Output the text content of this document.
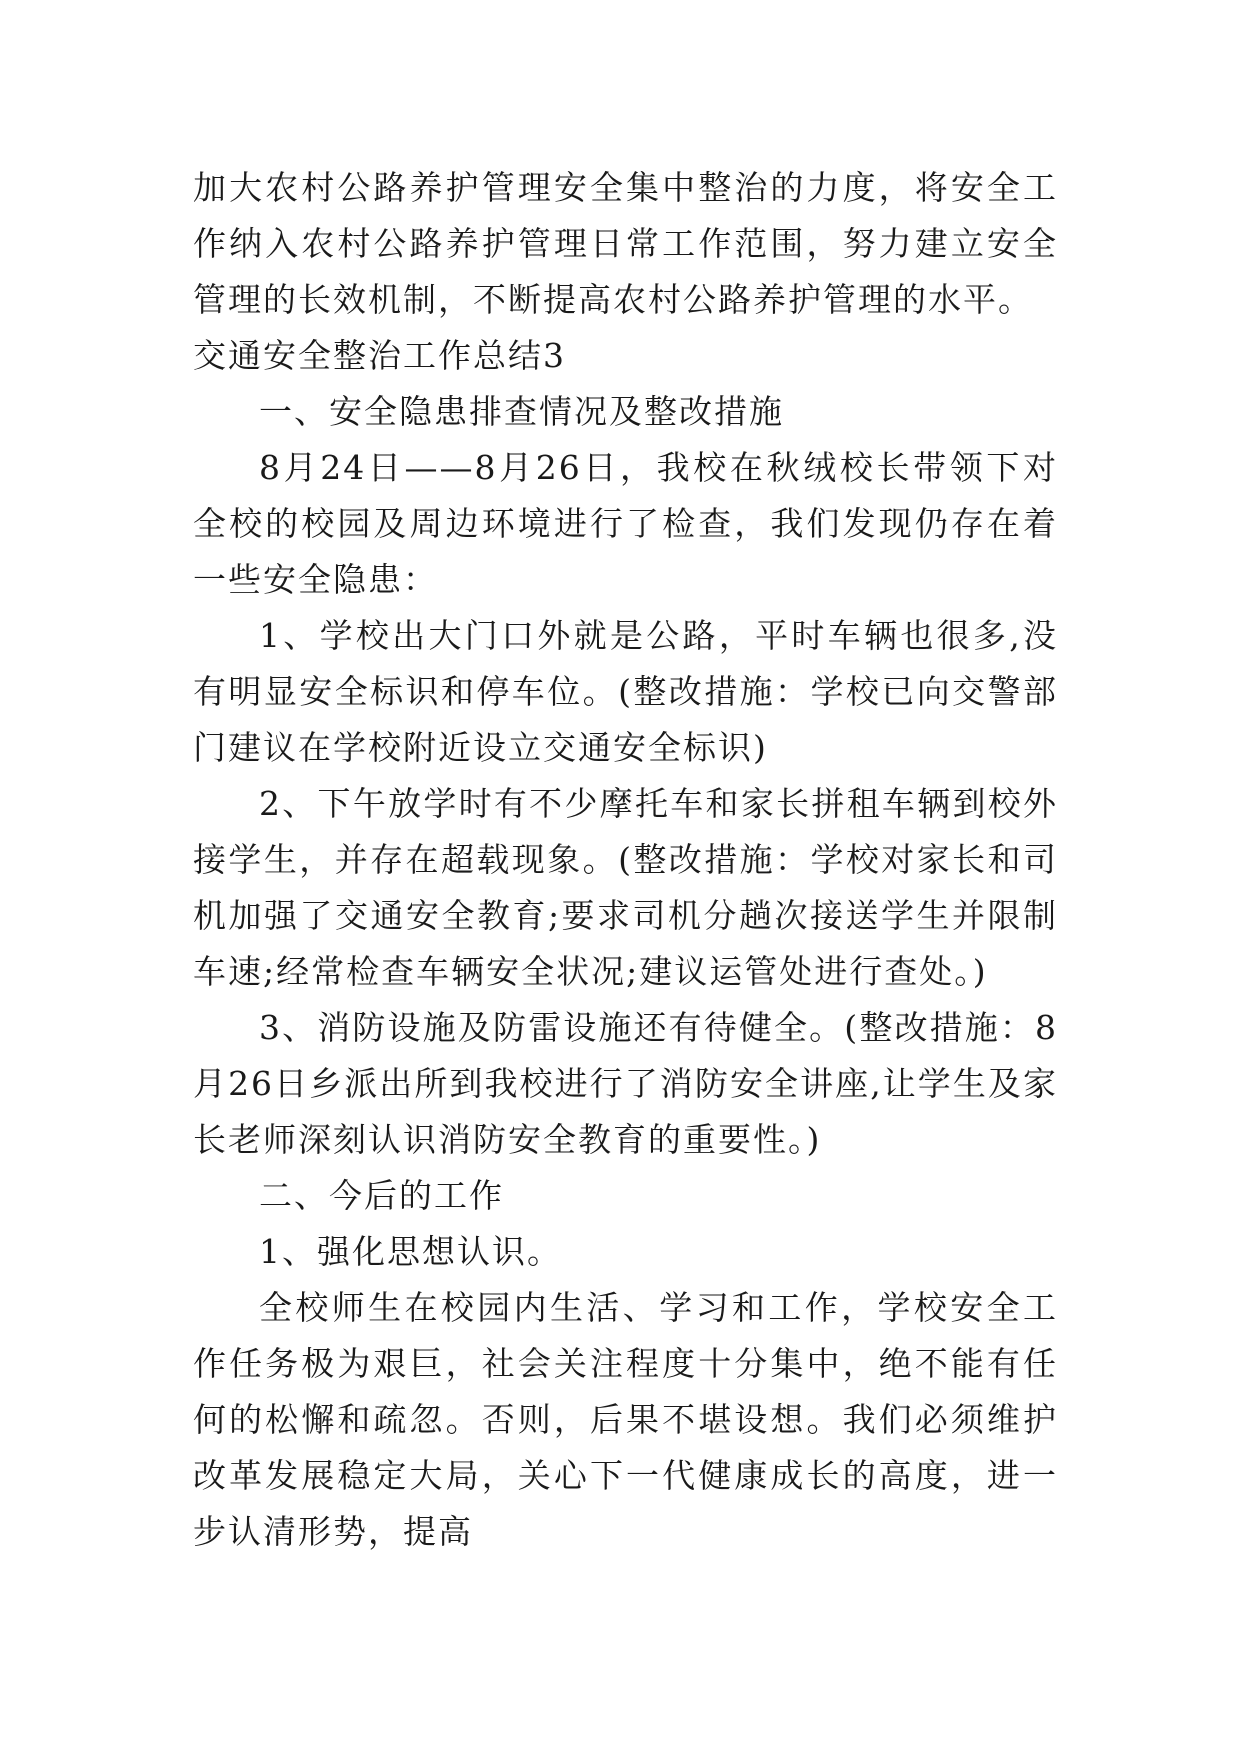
加大农村公路养护管理安全集中整治的力度，将安全工作纳入农村公路养护管理日常工作范围，努力建立安全管理的长效机制，不断提高农村公路养护管理的水平。

交通安全整治工作总结3

一、安全隐患排查情况及整改措施

8月24日——8月26日，我校在秋绒校长带领下对全校的校园及周边环境进行了检查，我们发现仍存在着一些安全隐患：

1、学校出大门口外就是公路，平时车辆也很多,没有明显安全标识和停车位。(整改措施：学校已向交警部门建议在学校附近设立交通安全标识)

2、下午放学时有不少摩托车和家长拼租车辆到校外接学生，并存在超载现象。(整改措施：学校对家长和司机加强了交通安全教育;要求司机分趟次接送学生并限制车速;经常检查车辆安全状况;建议运管处进行查处。)

3、消防设施及防雷设施还有待健全。(整改措施：8月26日乡派出所到我校进行了消防安全讲座,让学生及家长老师深刻认识消防安全教育的重要性。)

二、今后的工作

1、强化思想认识。

全校师生在校园内生活、学习和工作，学校安全工作任务极为艰巨，社会关注程度十分集中，绝不能有任何的松懈和疏忽。否则，后果不堪设想。我们必须维护改革发展稳定大局，关心下一代健康成长的高度，进一步认清形势，提高
